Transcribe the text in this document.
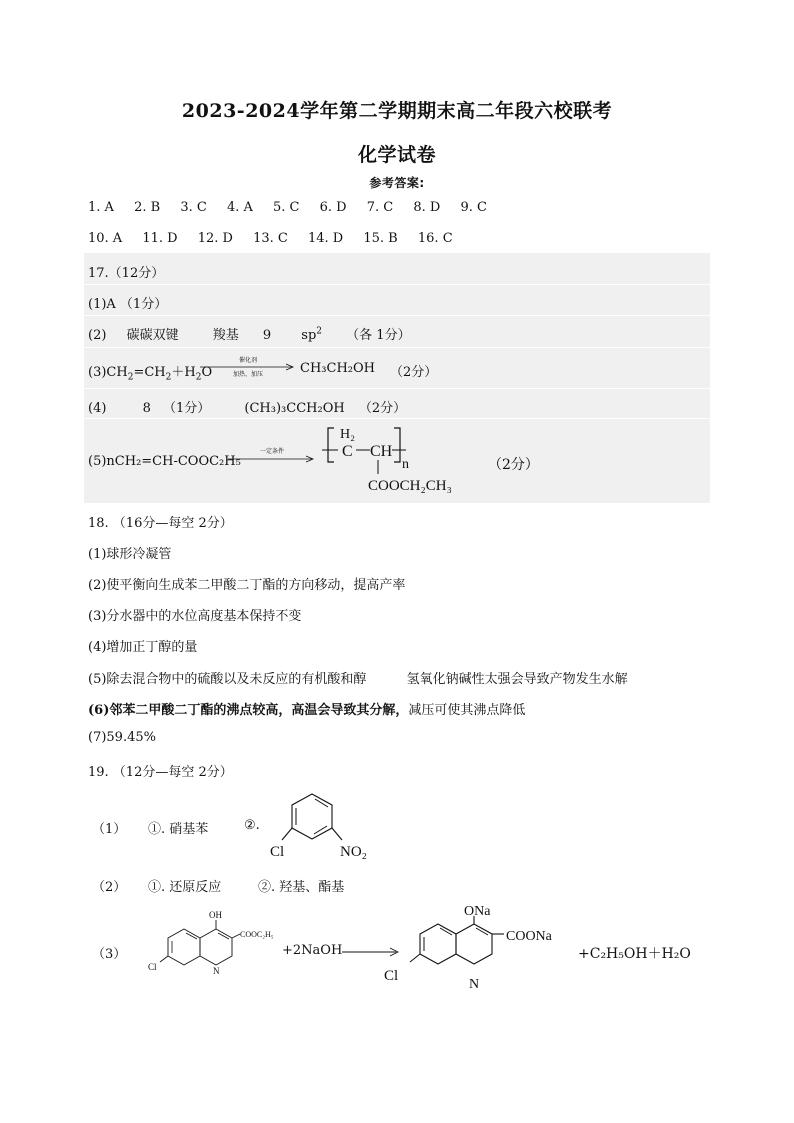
2023-2024学年第二学期期末高二年段六校联考
化学试卷
参考答案:
1. A 2. B 3. C 4. A 5. C 6. D 7. C 8. D 9. C
10. A 11. D 12. D 13. C 14. D 15. B 16. C
17.（12分）
(1)A （1分）
(2) 碳碳双键	羧基 9 $sp^2$ （各 1分）
$(3)CH_2=CH_2+H_2O$
催化剂
加热、加压	CH₃CH₂OH （2分）
(4)	8 （1分）	(CH₃)₃CCH₂OH （2分）
(5)nCH₂=CH-COOC₂H₅
一定条件
H₂
C CH
n
COOCH₂CH₃
（2分）
18. （16分—每空 2分）
(1)球形冷凝管
(2)使平衡向生成苯二甲酸二丁酯的方向移动，提高产率
(3)分水器中的水位高度基本保持不变
(4)增加正丁醇的量
(5)除去混合物中的硫酸以及未反应的有机酸和醇	氢氧化钠碱性太强会导致产物发生水解
(6)邻苯二甲酸二丁酯的沸点较高，高温会导致其分解，减压可使其沸点降低
(7)59.45%
19. （12分—每空 2分）
（1） ①. 硝基苯	②.
Cl	NO₂
（2） ①. 还原反应	②. 羟基、酯基
（3）
OH
COOC₂H₅
Cl	N
+2NaOH →
ONa
COONa
Cl
N
+C₂H₅OH＋H₂O
